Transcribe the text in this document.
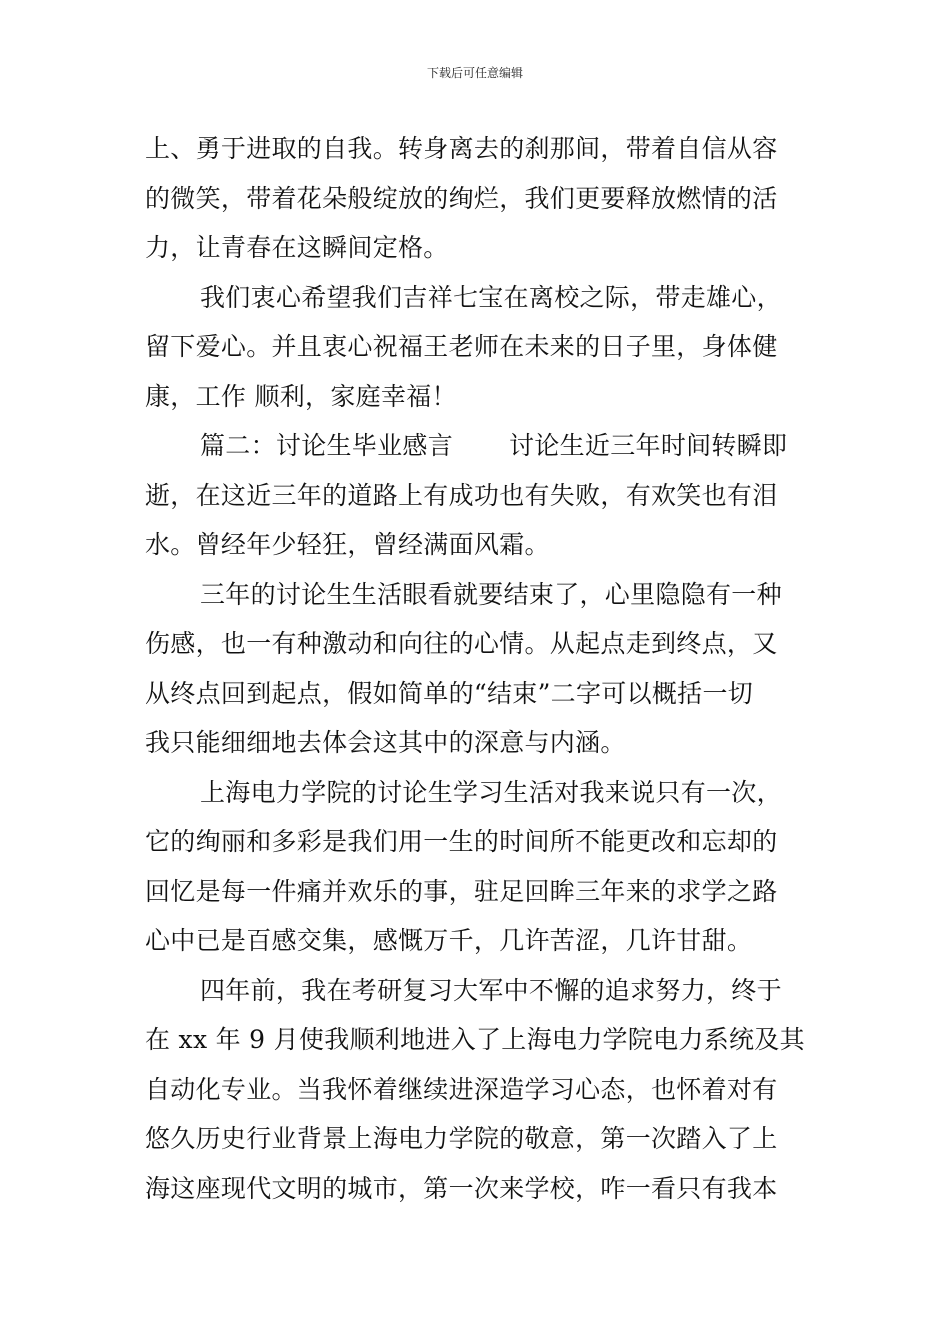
下载后可任意编辑
上、勇于进取的自我。转身离去的刹那间，带着自信从容
的微笑，带着花朵般绽放的绚烂，我们更要释放燃情的活
力，让青春在这瞬间定格。
我们衷心希望我们吉祥七宝在离校之际，带走雄心，
留下爱心。并且衷心祝福王老师在未来的日子里，身体健
康，工作 顺利，家庭幸福！
篇二：讨论生毕业感言 讨论生近三年时间转瞬即
逝，在这近三年的道路上有成功也有失败，有欢笑也有泪
水。曾经年少轻狂，曾经满面风霜。
三年的讨论生生活眼看就要结束了，心里隐隐有一种
伤感，也一有种激动和向往的心情。从起点走到终点，又
从终点回到起点，假如简单的“结束”二字可以概括一切
我只能细细地去体会这其中的深意与内涵。
上海电力学院的讨论生学习生活对我来说只有一次，
它的绚丽和多彩是我们用一生的时间所不能更改和忘却的
回忆是每一件痛并欢乐的事，驻足回眸三年来的求学之路
心中已是百感交集，感慨万千，几许苦涩，几许甘甜。
四年前，我在考研复习大军中不懈的追求努力，终于
在 xx 年 9 月使我顺利地进入了上海电力学院电力系统及其
自动化专业。当我怀着继续进深造学习心态，也怀着对有
悠久历史行业背景上海电力学院的敬意，第一次踏入了上
海这座现代文明的城市，第一次来学校，咋一看只有我本
